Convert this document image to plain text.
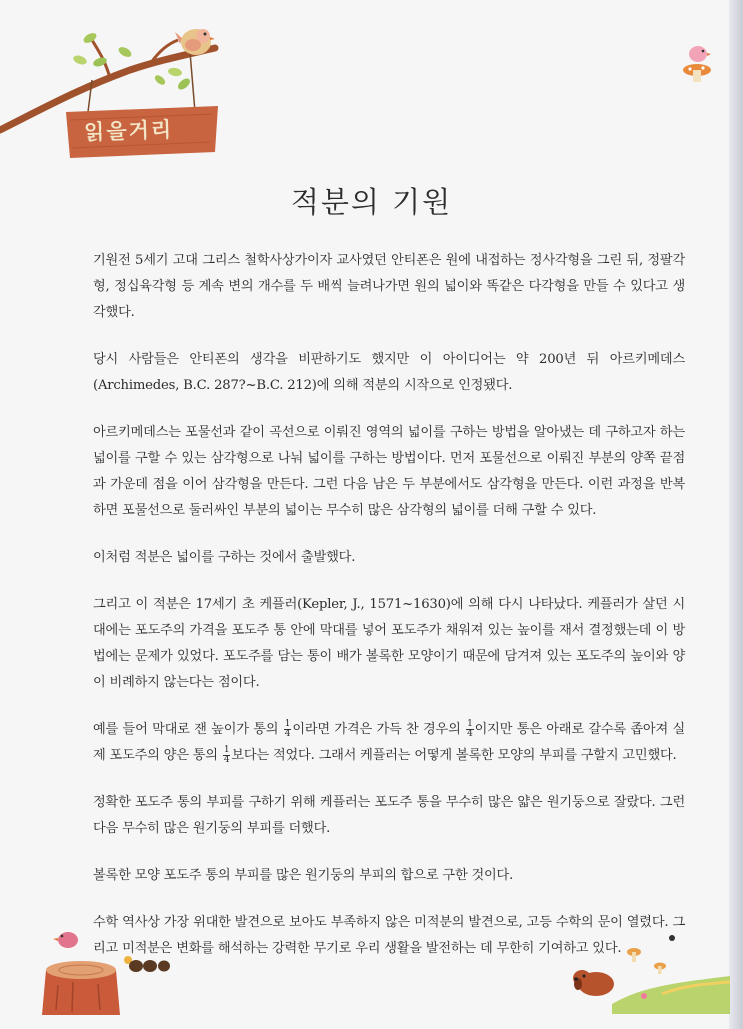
읽을거리
적분의 기원

기원전 5세기 고대 그리스 철학사상가이자 교사였던 안티폰은 원에 내접하는 정사각형을 그린 뒤, 정팔각형, 정십육각형 등 계속 변의 개수를 두 배씩 늘려나가면 원의 넓이와 똑같은 다각형을 만들 수 있다고 생각했다.

당시 사람들은 안티폰의 생각을 비판하기도 했지만 이 아이디어는 약 200년 뒤 아르키메데스(Archimedes, B.C. 287?~B.C. 212)에 의해 적분의 시작으로 인정됐다.

아르키메데스는 포물선과 같이 곡선으로 이뤄진 영역의 넓이를 구하는 방법을 알아냈는 데 구하고자 하는 넓이를 구할 수 있는 삼각형으로 나눠 넓이를 구하는 방법이다. 먼저 포물선으로 이뤄진 부분의 양쪽 끝점과 가운데 점을 이어 삼각형을 만든다. 그런 다음 남은 두 부분에서도 삼각형을 만든다. 이런 과정을 반복하면 포물선으로 둘러싸인 부분의 넓이는 무수히 많은 삼각형의 넓이를 더해 구할 수 있다.

이처럼 적분은 넓이를 구하는 것에서 출발했다.

그리고 이 적분은 17세기 초 케플러(Kepler, J., 1571~1630)에 의해 다시 나타났다. 케플러가 살던 시대에는 포도주의 가격을 포도주 통 안에 막대를 넣어 포도주가 채워져 있는 높이를 재서 결정했는데 이 방법에는 문제가 있었다. 포도주를 담는 통이 배가 볼록한 모양이기 때문에 담겨져 있는 포도주의 높이와 양이 비례하지 않는다는 점이다.

예를 들어 막대로 잰 높이가 통의 $\frac{1}{4}$ 이라면 가격은 가득 찬 경우의 $\frac{1}{4}$ 이지만 통은 아래로 갈수록 좁아져 실제 포도주의 양은 통의 $\frac{1}{4}$ 보다는 적었다. 그래서 케플러는 어떻게 볼록한 모양의 부피를 구할지 고민했다.

정확한 포도주 통의 부피를 구하기 위해 케플러는 포도주 통을 무수히 많은 얇은 원기둥으로 잘랐다. 그런 다음 무수히 많은 원기둥의 부피를 더했다.

볼록한 모양 포도주 통의 부피를 많은 원기둥의 부피의 합으로 구한 것이다.

수학 역사상 가장 위대한 발견으로 보아도 부족하지 않은 미적분의 발견으로, 고등 수학의 문이 열렸다. 그리고 미적분은 변화를 해석하는 강력한 무기로 우리 생활을 발전하는 데 무한히 기여하고 있다.
